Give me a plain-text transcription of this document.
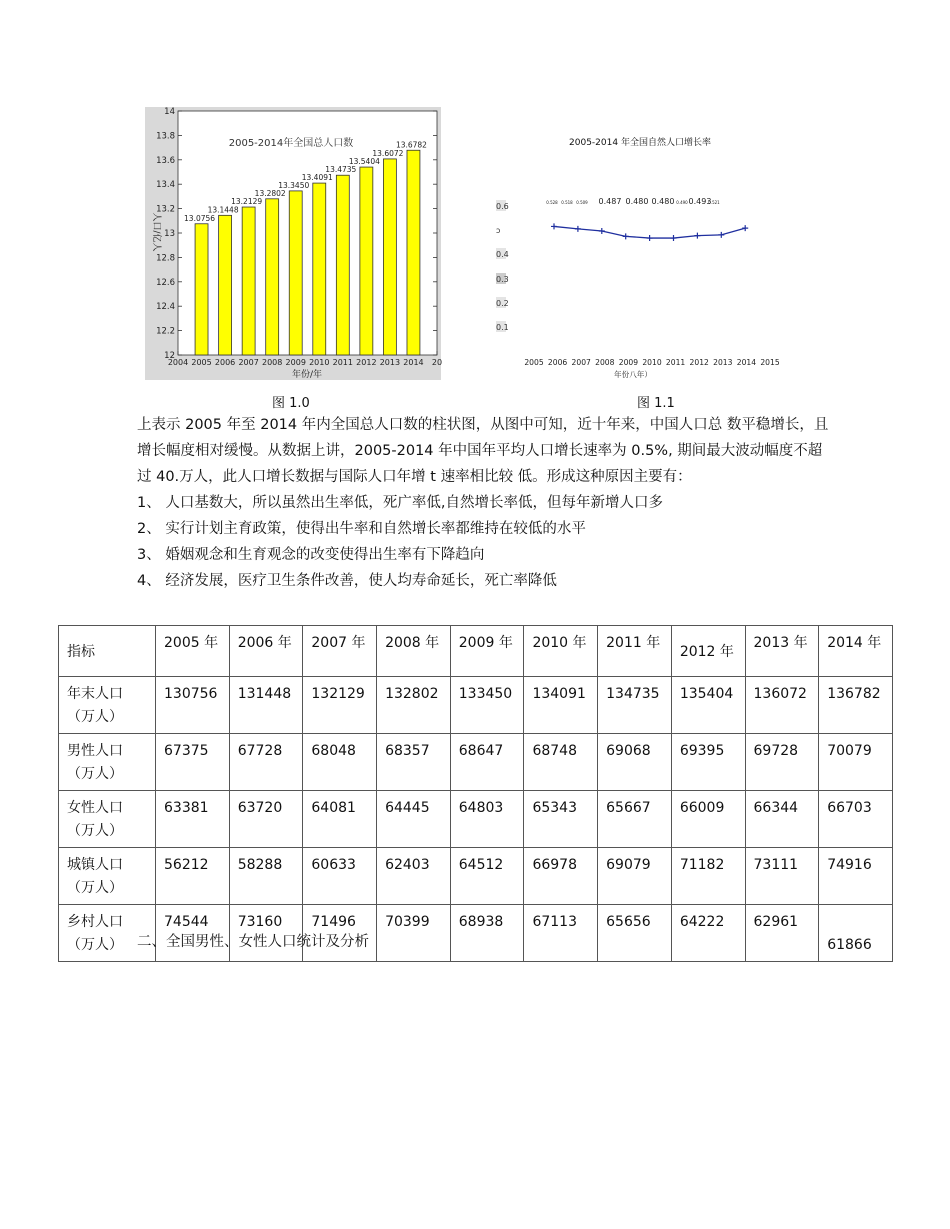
12
12.2
12.4
12.6
12.8
13
13.2
13.4
13.6
13.8
14
2004 2005 2006 2007 2008 2009 2010 2011 2012 2013 2014 20
13.0756
13.1448
13.2129
13.2802
13.3450
13.4091
13.4735
13.5404
13.6072
13.6782
2005-2014年全国总人口数
年份/年
人口/亿人
2005-2014 年全国自然人口增长率
0.1
0.2
0.3
0.4
ɔ
0.6	0.528 0.518 0.509 0.487 0.480 0.480 0.490 0.493
0.521
2005 2006 2007 2008 2009 2010 2011 2012 2013 2014 2015
年份八年）
图 1.0	图 1.1

上表示 2005 年至 2014 年内全国总人口数的柱状图，从图中可知，近十年来，中国人口总 数平稳增长，且

增长幅度相对缓慢。从数据上讲，2005-2014 年中国年平均人口增长速率为 0.5%, 期间最大波动幅度不超

过 40.万人，此人口增长数据与国际人口年增 t 速率相比较 低。形成这种原因主要有：

1、 人口基数大，所以虽然出生率低，死广率低,自然增长率低，但每年新增人口多
2、 实行计划主育政策，使得出牛率和自然增长率都维持在较低的水平
3、 婚姻观念和生育观念的改变使得出生率有下降趋向
4、 经济发展，医疗卫生条件改善，使人均寿命延长，死亡率降低
指标	2005 年	2006 年	2007 年	2008 年	2009 年	2010 年	2011 年	2012 年	2013 年	2014 年
年末人口
（万人）	130756	131448	132129	132802	133450	134091	134735	135404	136072	136782
男性人口
（万人）	67375	67728	68048	68357	68647	68748	69068	69395	69728	70079
女性人口
（万人）	63381	63720	64081	64445	64803	65343	65667	66009	66344	66703
城镇人口
（万人）	56212	58288	60633	62403	64512	66978	69079	71182	73111	74916
乡村人口
（万人）	74544	73160	71496	70399	68938	67113	65656	64222	62961	61866
二、全国男性、女性人口统计及分析
